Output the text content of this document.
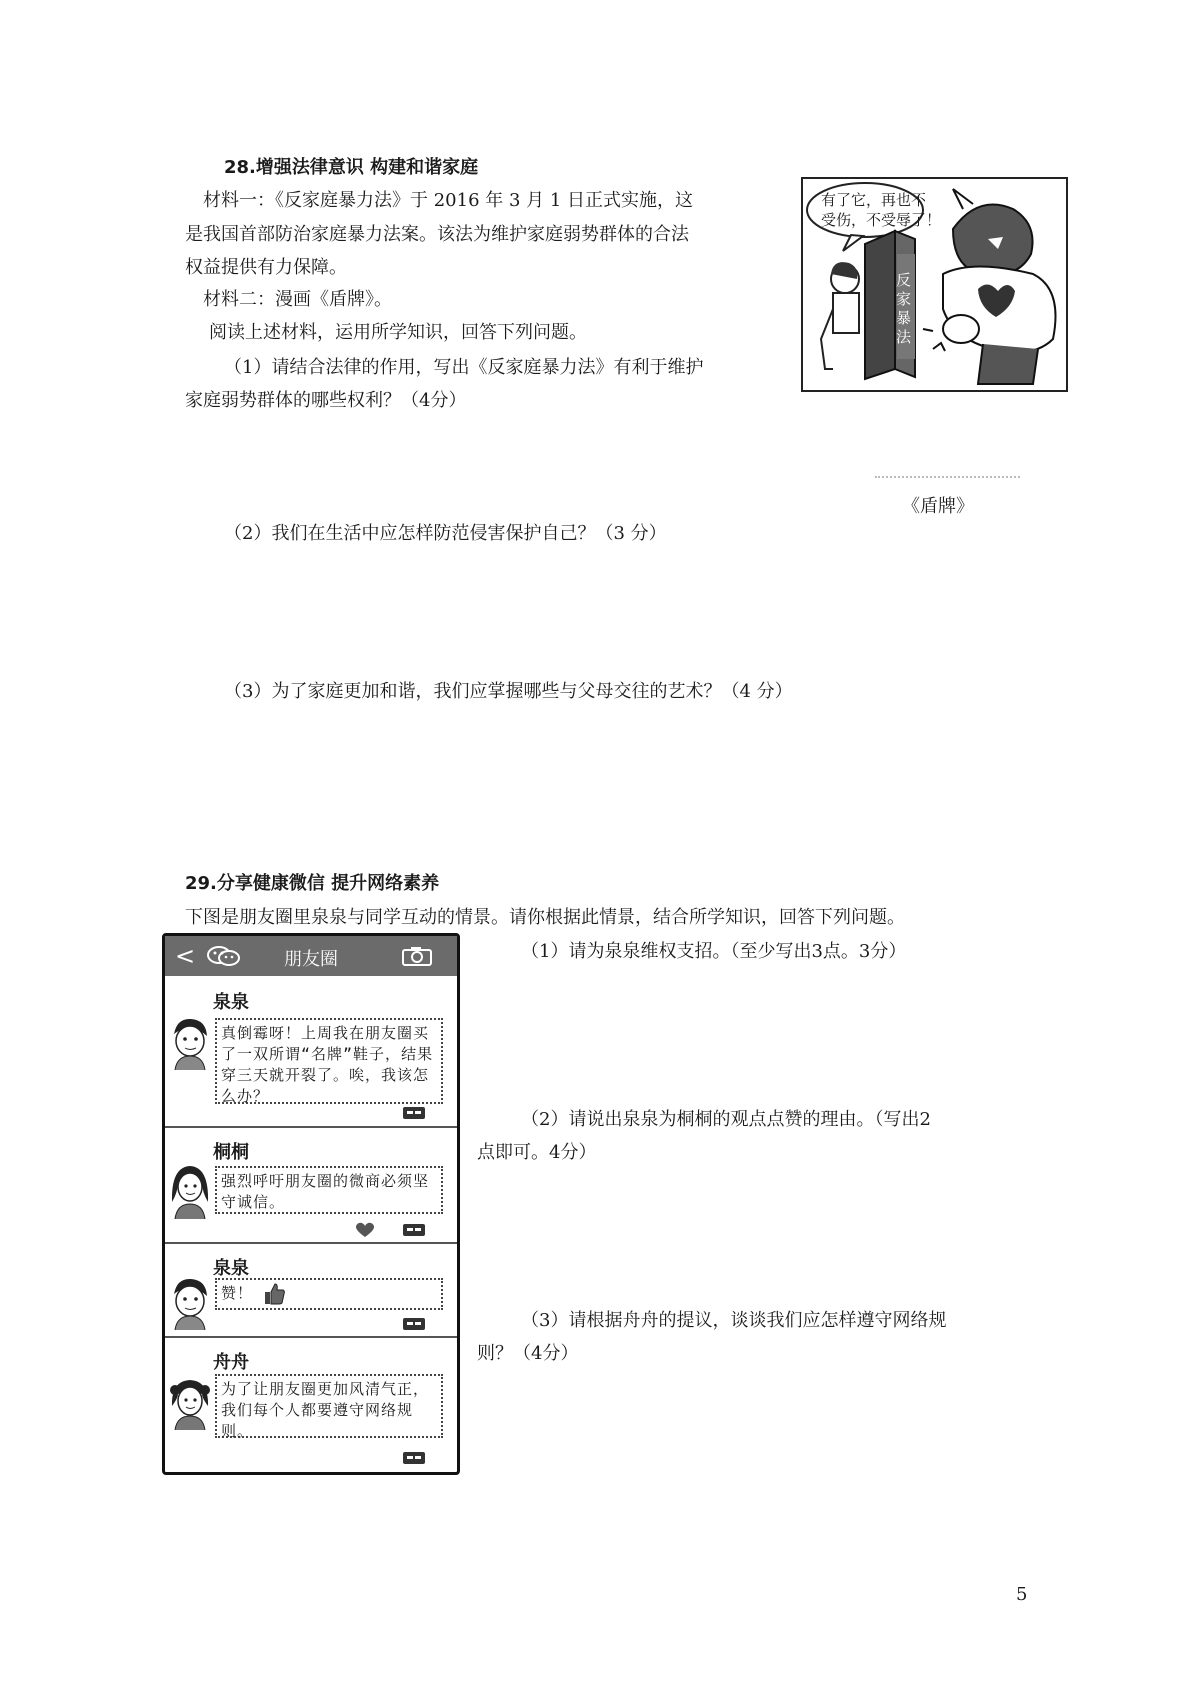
28.增强法律意识 构建和谐家庭
材料一：《反家庭暴力法》于 2016 年 3 月 1 日正式实施，这
是我国首部防治家庭暴力法案。该法为维护家庭弱势群体的合法
权益提供有力保障。
材料二：漫画《盾牌》。
阅读上述材料，运用所学知识，回答下列问题。
（1）请结合法律的作用，写出《反家庭暴力法》有利于维护
家庭弱势群体的哪些权利？（4分）
有了它，再也不
受伤，不受辱了！
反家暴法
《盾牌》
（2）我们在生活中应怎样防范侵害保护自己？（3 分）
（3）为了家庭更加和谐，我们应掌握哪些与父母交往的艺术？（4 分）
29.分享健康微信 提升网络素养
下图是朋友圈里泉泉与同学互动的情景。请你根据此情景，结合所学知识，回答下列问题。
<	朋友圈
泉泉
真倒霉呀！上周我在朋友圈买了一双所谓“名牌”鞋子，结果穿三天就开裂了。唉，我该怎么办？
桐桐
强烈呼吁朋友圈的微商必须坚守诚信。
泉泉
赞！
舟舟
为了让朋友圈更加风清气正，我们每个人都要遵守网络规则。
（1）请为泉泉维权支招。（至少写出3点。3分）
（2）请说出泉泉为桐桐的观点点赞的理由。（写出2
点即可。4分）
（3）请根据舟舟的提议，谈谈我们应怎样遵守网络规
则？（4分）
5
